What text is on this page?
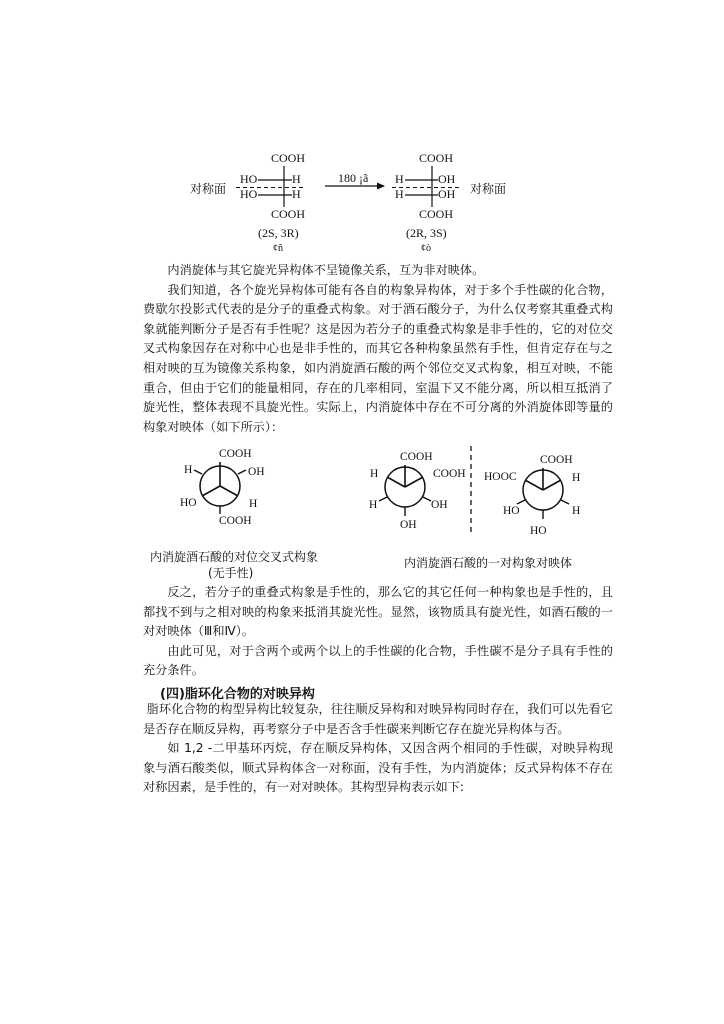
对称面
COOH
HO	H
HO	H
COOH
(2S, 3R)
¢ñ
180 ¡ã
COOH
H	OH
H	OH
COOH
(2R, 3S)
¢ò
对称面

内消旋体与其它旋光异构体不呈镜像关系，互为非对映体。

我们知道，各个旋光异构体可能有各自的构象异构体，对于多个手性碳的化合物，费歇尔投影式代表的是分子的重叠式构象。对于酒石酸分子，为什么仅考察其重叠式构象就能判断分子是否有手性呢？这是因为若分子的重叠式构象是非手性的，它的对位交叉式构象因存在对称中心也是非手性的，而其它各种构象虽然有手性，但肯定存在与之相对映的互为镜像关系构象，如内消旋酒石酸的两个邻位交叉式构象，相互对映，不能重合，但由于它们的能量相同，存在的几率相同，室温下又不能分离，所以相互抵消了旋光性，整体表现不具旋光性。实际上，内消旋体中存在不可分离的外消旋体即等量的构象对映体（如下所示）：

COOH
H	OH
HO	H
COOH
COOH
H	COOH
H	OH
OH
COOH
HOOC	H
HO	H
HO
内消旋酒石酸的对位交叉式构象
(无手性)
内消旋酒石酸的一对构象对映体

反之，若分子的重叠式构象是手性的，那么它的其它任何一种构象也是手性的，且都找不到与之相对映的构象来抵消其旋光性。显然，该物质具有旋光性，如酒石酸的一对对映体（Ⅲ和Ⅳ）。

由此可见，对于含两个或两个以上的手性碳的化合物，手性碳不是分子具有手性的充分条件。

(四)脂环化合物的对映异构

脂环化合物的构型异构比较复杂，往往顺反异构和对映异构同时存在，我们可以先看它是否存在顺反异构，再考察分子中是否含手性碳来判断它存在旋光异构体与否。

如 1,2 -二甲基环丙烷，存在顺反异构体，又因含两个相同的手性碳，对映异构现象与酒石酸类似，顺式异构体含一对称面，没有手性，为内消旋体；反式异构体不存在对称因素，是手性的，有一对对映体。其构型异构表示如下:
